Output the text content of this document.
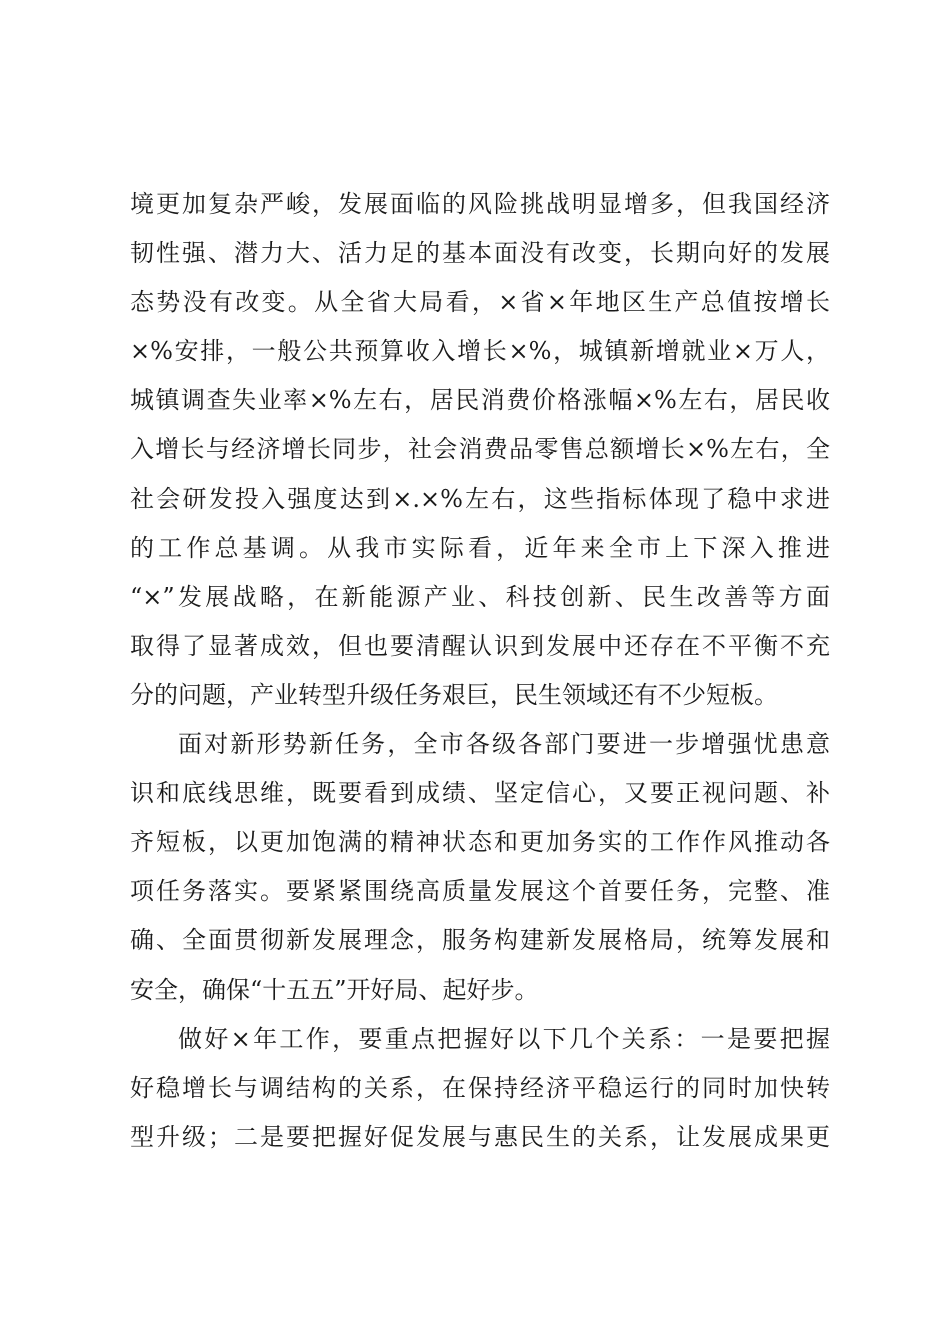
境更加复杂严峻，发展面临的风险挑战明显增多，但我国经济
韧性强、潜力大、活力足的基本面没有改变，长期向好的发展
态势没有改变。从全省大局看，×省×年地区生产总值按增长
×%安排，一般公共预算收入增长×%，城镇新增就业×万人，
城镇调查失业率×%左右，居民消费价格涨幅×%左右，居民收
入增长与经济增长同步，社会消费品零售总额增长×%左右，全
社会研发投入强度达到×.×%左右，这些指标体现了稳中求进
的工作总基调。从我市实际看，近年来全市上下深入推进
“×”发展战略，在新能源产业、科技创新、民生改善等方面
取得了显著成效，但也要清醒认识到发展中还存在不平衡不充
分的问题，产业转型升级任务艰巨，民生领域还有不少短板。
面对新形势新任务，全市各级各部门要进一步增强忧患意
识和底线思维，既要看到成绩、坚定信心，又要正视问题、补
齐短板，以更加饱满的精神状态和更加务实的工作作风推动各
项任务落实。要紧紧围绕高质量发展这个首要任务，完整、准
确、全面贯彻新发展理念，服务构建新发展格局，统筹发展和
安全，确保“十五五”开好局、起好步。
做好×年工作，要重点把握好以下几个关系：一是要把握
好稳增长与调结构的关系，在保持经济平稳运行的同时加快转
型升级；二是要把握好促发展与惠民生的关系，让发展成果更
